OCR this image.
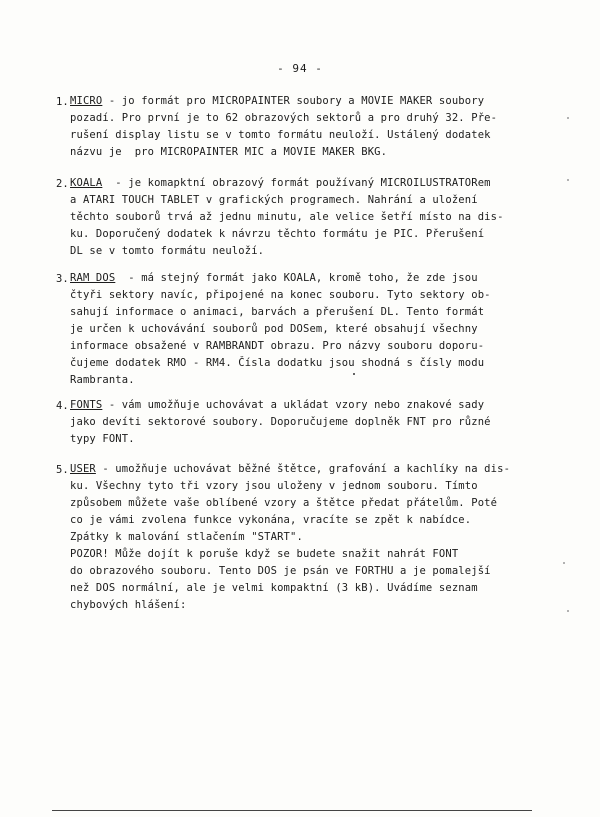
- 94 -
1. MICRO - jo formát pro MICROPAINTER soubory a MOVIE MAKER soubory
pozadí. Pro první je to 62 obrazových sektorů a pro druhý 32. Pře-
rušení display listu se v tomto formátu neuloží. Ustálený dodatek
názvu je  pro MICROPAINTER MIC a MOVIE MAKER BKG.
2. KOALA  - je komapktní obrazový formát používaný MICROILUSTRATORem
a ATARI TOUCH TABLET v grafických programech. Nahrání a uložení
těchto souborů trvá až jednu minutu, ale velice šetří místo na dis-
ku. Doporučený dodatek k návrzu těchto formátu je PIC. Přerušení
DL se v tomto formátu neuloží.
3. RAM DOS  - má stejný formát jako KOALA, kromě toho, že zde jsou
čtyři sektory navíc, připojené na konec souboru. Tyto sektory ob-
sahují informace o animaci, barvách a přerušení DL. Tento formát
je určen k uchovávání souborů pod DOSem, které obsahují všechny
informace obsažené v RAMBRANDT obrazu. Pro názvy souboru doporu-
čujeme dodatek RMO - RM4. Čísla dodatku jsou shodná s čísly modu
Rambranta.
4. FONTS - vám umožňuje uchovávat a ukládat vzory nebo znakové sady
jako devíti sektorové soubory. Doporučujeme doplněk FNT pro různé
typy FONT.
5. USER - umožňuje uchovávat běžné štětce, grafování a kachlíky na dis-
ku. Všechny tyto tři vzory jsou uloženy v jednom souboru. Tímto
způsobem můžete vaše oblíbené vzory a štětce předat přátelům. Poté
co je vámi zvolena funkce vykonána, vracíte se zpět k nabídce.
Zpátky k malování stlačením "START".
POZOR! Může dojít k poruše když se budete snažit nahrát FONT
do obrazového souboru. Tento DOS je psán ve FORTHU a je pomalejší
než DOS normální, ale je velmi kompaktní (3 kB). Uvádíme seznam
chybových hlášení:
